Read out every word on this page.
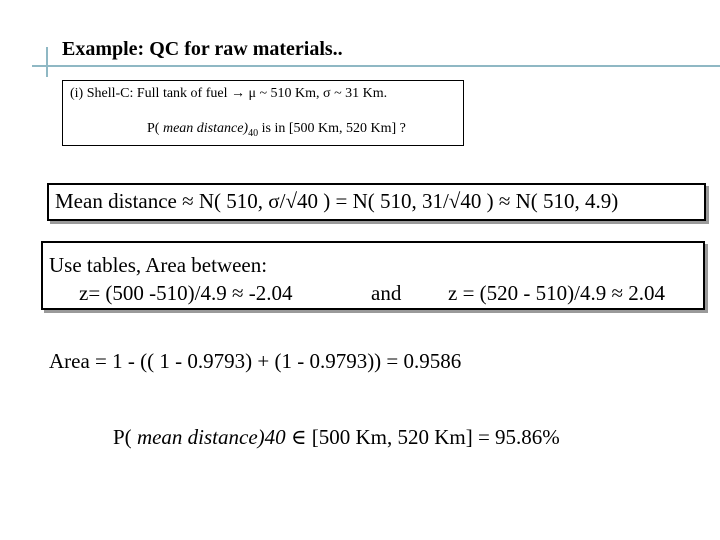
Example: QC for raw materials..
(i) Shell-C: Full tank of fuel → μ ~ 510 Km, σ ~ 31 Km.
P( mean $distance)_{40}$ is in [500 Km, 520 Km] ?
Mean distance ≈ N( 510, σ/√40 ) = N( 510, 31/√40 ) ≈ N( 510, 4.9)
Use tables, Area between:
z= (500 -510)/4.9 ≈ -2.04	and z = (520 - 510)/4.9 ≈ 2.04
Area = 1 - (( 1 - 0.9793) + (1 - 0.9793)) = 0.9586
P( mean distance)40 ∈ [500 Km, 520 Km] = 95.86%
